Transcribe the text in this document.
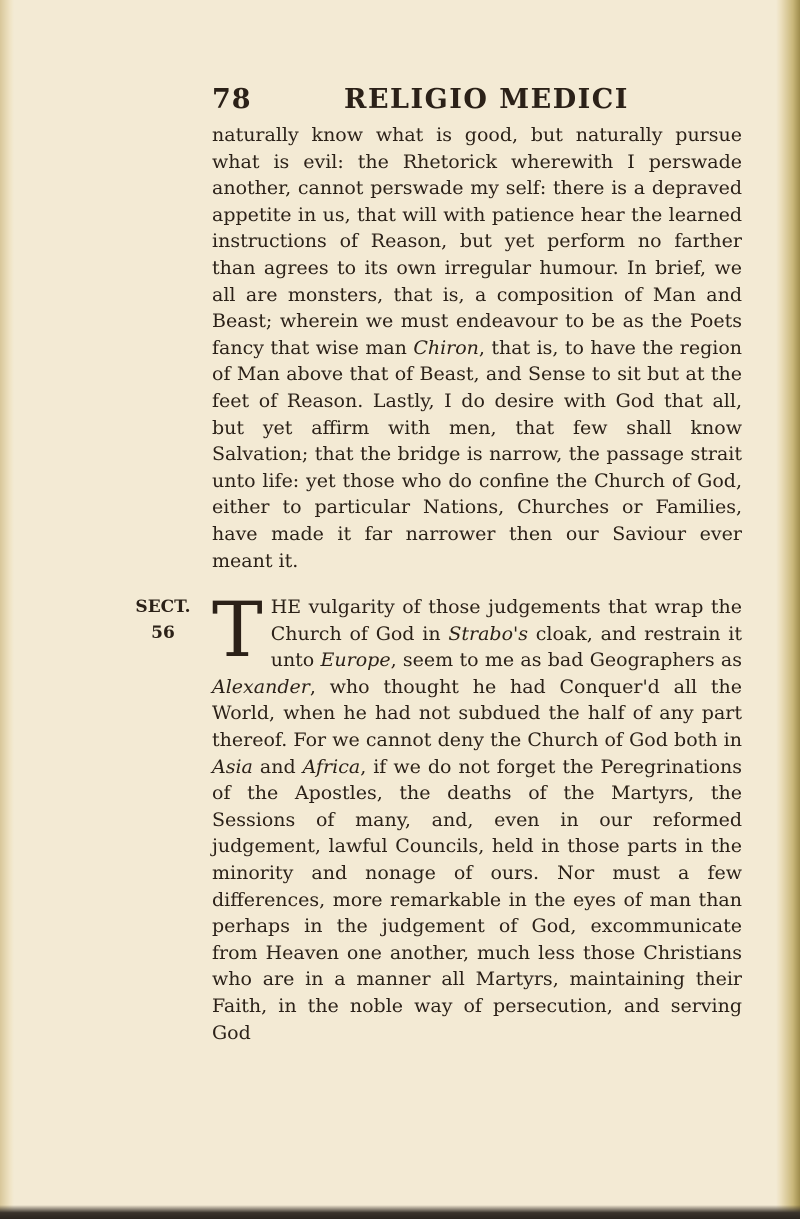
78	RELIGIO MEDICI

naturally know what is good, but naturally pursue what is evil: the Rhetorick wherewith I perswade another, cannot perswade my self: there is a depraved appetite in us, that will with patience hear the learned instructions of Reason, but yet perform no farther than agrees to its own irregular humour. In brief, we all are monsters, that is, a composition of Man and Beast; wherein we must endeavour to be as the Poets fancy that wise man Chiron, that is, to have the region of Man above that of Beast, and Sense to sit but at the feet of Reason. Lastly, I do desire with God that all, but yet affirm with men, that few shall know Salvation; that the bridge is narrow, the passage strait unto life: yet those who do confine the Church of God, either to particular Nations, Churches or Families, have made it far narrower then our Saviour ever meant it.

SECT.
56 THE vulgarity of those judgements that wrap the Church of God in Strabo's cloak, and restrain it unto Europe, seem to me as bad Geographers as Alexander, who thought he had Conquer'd all the World, when he had not subdued the half of any part thereof. For we cannot deny the Church of God both in Asia and Africa, if we do not forget the Peregrinations of the Apostles, the deaths of the Martyrs, the Sessions of many, and, even in our reformed judgement, lawful Councils, held in those parts in the minority and nonage of ours. Nor must a few differences, more remarkable in the eyes of man than perhaps in the judgement of God, excommunicate from Heaven one another, much less those Christians who are in a manner all Martyrs, maintaining their Faith, in the noble way of persecution, and serving God
